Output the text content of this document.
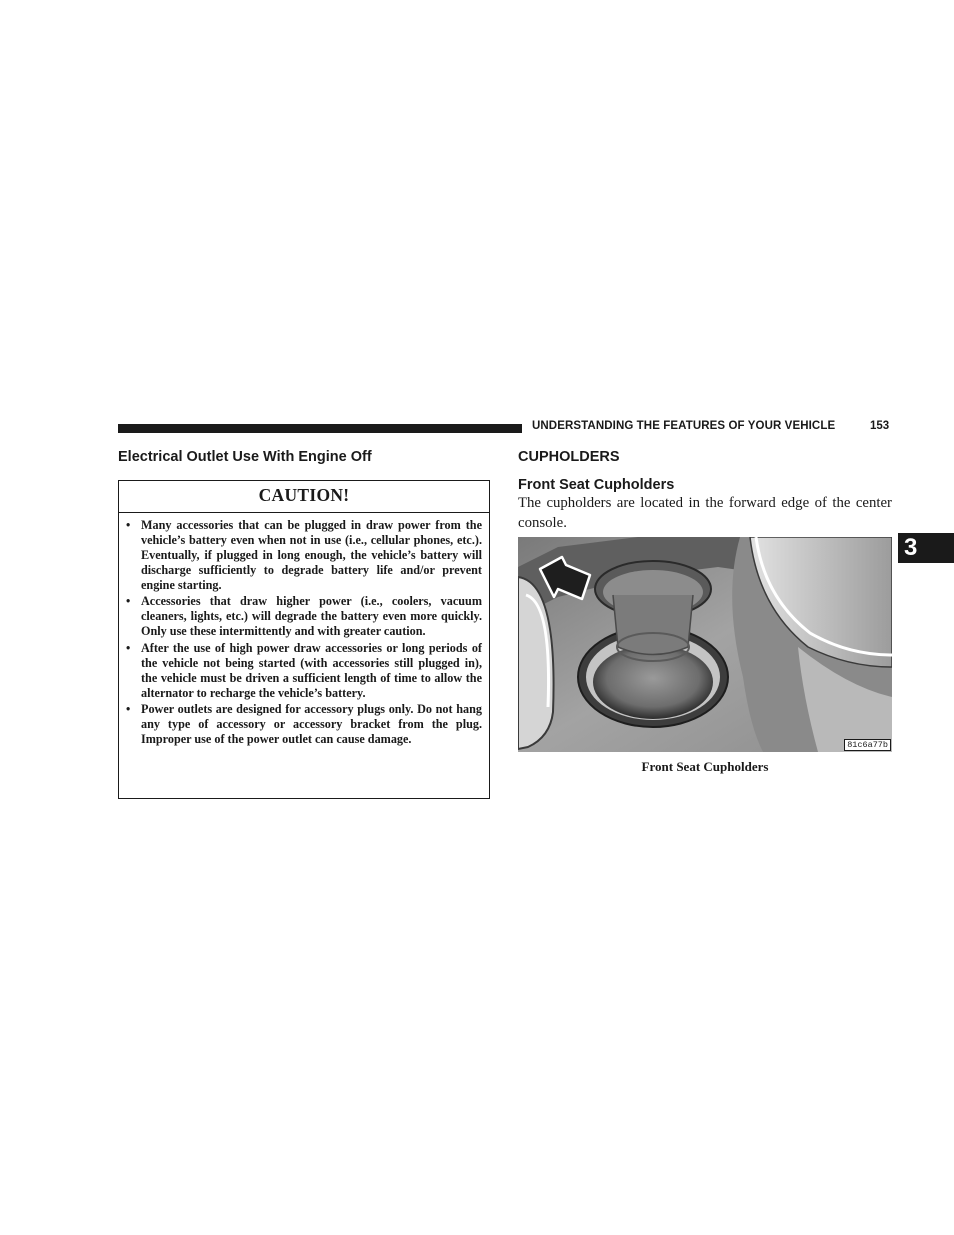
UNDERSTANDING THE FEATURES OF YOUR VEHICLE	153
Electrical Outlet Use With Engine Off
CAUTION!
• Many accessories that can be plugged in draw power from the vehicle’s battery even when not in use (i.e., cellular phones, etc.). Eventually, if plugged in long enough, the vehicle’s battery will discharge sufficiently to degrade battery life and/or prevent engine starting.
• Accessories that draw higher power (i.e., coolers, vacuum cleaners, lights, etc.) will degrade the battery even more quickly. Only use these intermittently and with greater caution.
• After the use of high power draw accessories or long periods of the vehicle not being started (with accessories still plugged in), the vehicle must be driven a sufficient length of time to allow the alternator to recharge the vehicle’s battery.
• Power outlets are designed for accessory plugs only. Do not hang any type of accessory or accessory bracket from the plug. Improper use of the power outlet can cause damage.
CUPHOLDERS
Front Seat Cupholders
The cupholders are located in the forward edge of the center console.
81c6a77b
Front Seat Cupholders
3
